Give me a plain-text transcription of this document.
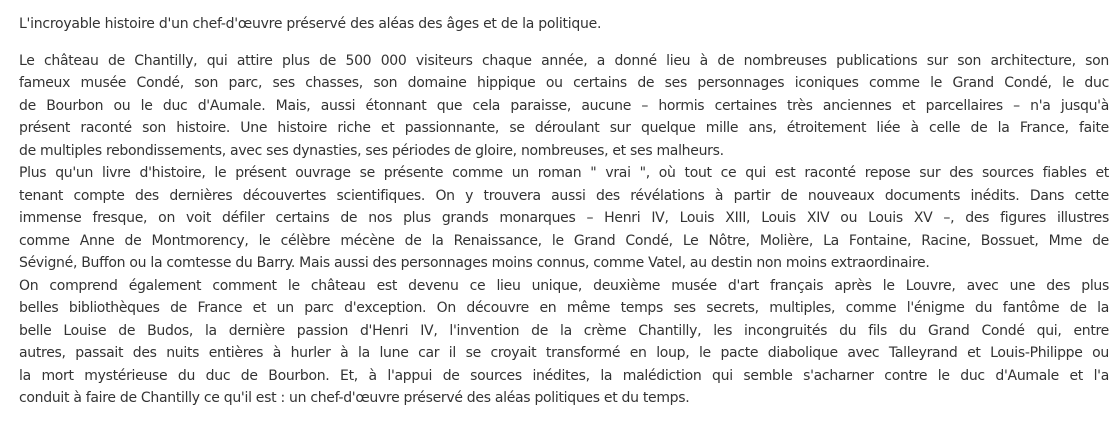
L'incroyable histoire d'un chef-d'œuvre préservé des aléas des âges et de la politique.

Le château de Chantilly, qui attire plus de 500 000 visiteurs chaque année, a donné lieu à de nombreuses publications sur son architecture, son
fameux musée Condé, son parc, ses chasses, son domaine hippique ou certains de ses personnages iconiques comme le Grand Condé, le duc
de Bourbon ou le duc d'Aumale. Mais, aussi étonnant que cela paraisse, aucune – hormis certaines très anciennes et parcellaires – n'a jusqu'à
présent raconté son histoire. Une histoire riche et passionnante, se déroulant sur quelque mille ans, étroitement liée à celle de la France, faite
de multiples rebondissements, avec ses dynasties, ses périodes de gloire, nombreuses, et ses malheurs.
Plus qu'un livre d'histoire, le présent ouvrage se présente comme un roman " vrai ", où tout ce qui est raconté repose sur des sources fiables et
tenant compte des dernières découvertes scientifiques. On y trouvera aussi des révélations à partir de nouveaux documents inédits. Dans cette
immense fresque, on voit défiler certains de nos plus grands monarques – Henri IV, Louis XIII, Louis XIV ou Louis XV –, des figures illustres
comme Anne de Montmorency, le célèbre mécène de la Renaissance, le Grand Condé, Le Nôtre, Molière, La Fontaine, Racine, Bossuet, Mme de
Sévigné, Buffon ou la comtesse du Barry. Mais aussi des personnages moins connus, comme Vatel, au destin non moins extraordinaire.
On comprend également comment le château est devenu ce lieu unique, deuxième musée d'art français après le Louvre, avec une des plus
belles bibliothèques de France et un parc d'exception. On découvre en même temps ses secrets, multiples, comme l'énigme du fantôme de la
belle Louise de Budos, la dernière passion d'Henri IV, l'invention de la crème Chantilly, les incongruités du fils du Grand Condé qui, entre
autres, passait des nuits entières à hurler à la lune car il se croyait transformé en loup, le pacte diabolique avec Talleyrand et Louis-Philippe ou
la mort mystérieuse du duc de Bourbon. Et, à l'appui de sources inédites, la malédiction qui semble s'acharner contre le duc d'Aumale et l'a
conduit à faire de Chantilly ce qu'il est : un chef-d'œuvre préservé des aléas politiques et du temps.
